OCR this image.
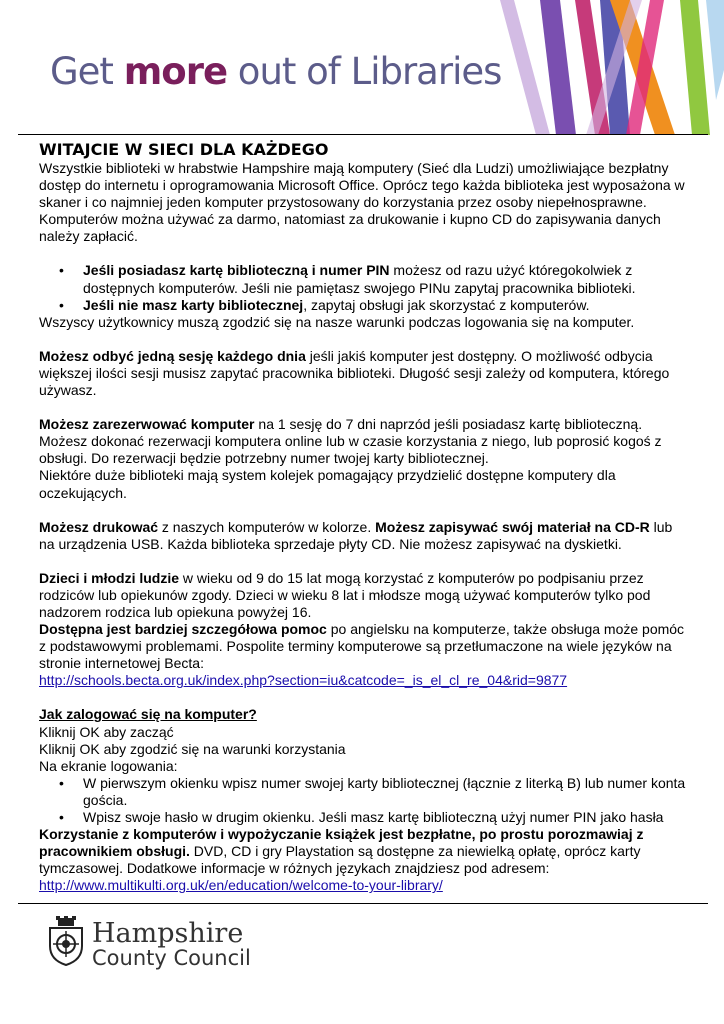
Get more out of Libraries

WITAJCIE W SIECI DLA KAŻDEGO

Wszystkie biblioteki w hrabstwie Hampshire mają komputery (Sieć dla Ludzi) umożliwiające bezpłatny dostęp do internetu i oprogramowania Microsoft Office. Oprócz tego każda biblioteka jest wyposażona w skaner i co najmniej jeden komputer przystosowany do korzystania przez osoby niepełnosprawne. Komputerów można używać za darmo, natomiast za drukowanie i kupno CD do zapisywania danych należy zapłacić.

• Jeśli posiadasz kartę biblioteczną i numer PIN możesz od razu użyć któregokolwiek z dostępnych komputerów. Jeśli nie pamiętasz swojego PINu zapytaj pracownika biblioteki.
• Jeśli nie masz karty bibliotecznej, zapytaj obsługi jak skorzystać z komputerów.

Wszyscy użytkownicy muszą zgodzić się na nasze warunki podczas logowania się na komputer.

Możesz odbyć jedną sesję każdego dnia jeśli jakiś komputer jest dostępny. O możliwość odbycia większej ilości sesji musisz zapytać pracownika biblioteki. Długość sesji zależy od komputera, którego używasz.

Możesz zarezerwować komputer na 1 sesję do 7 dni naprzód jeśli posiadasz kartę biblioteczną. Możesz dokonać rezerwacji komputera online lub w czasie korzystania z niego, lub poprosić kogoś z obsługi. Do rezerwacji będzie potrzebny numer twojej karty bibliotecznej.

Niektóre duże biblioteki mają system kolejek pomagający przydzielić dostępne komputery dla oczekujących.

Możesz drukować z naszych komputerów w kolorze. Możesz zapisywać swój materiał na CD-R lub na urządzenia USB. Każda biblioteka sprzedaje płyty CD. Nie możesz zapisywać na dyskietki.

Dzieci i młodzi ludzie w wieku od 9 do 15 lat mogą korzystać z komputerów po podpisaniu przez rodziców lub opiekunów zgody. Dzieci w wieku 8 lat i młodsze mogą używać komputerów tylko pod nadzorem rodzica lub opiekuna powyżej 16.

Dostępna jest bardziej szczegółowa pomoc po angielsku na komputerze, także obsługa może pomóc z podstawowymi problemami. Pospolite terminy komputerowe są przetłumaczone na wiele języków na stronie internetowej Becta:

http://schools.becta.org.uk/index.php?section=iu&catcode=_is_el_cl_re_04&rid=9877

Jak zalogować się na komputer?

Kliknij OK aby zacząć

Kliknij OK aby zgodzić się na warunki korzystania

Na ekranie logowania:

• W pierwszym okienku wpisz numer swojej karty bibliotecznej (łącznie z literką B) lub numer konta gościa.
• Wpisz swoje hasło w drugim okienku. Jeśli masz kartę biblioteczną użyj numer PIN jako hasła

Korzystanie z komputerów i wypożyczanie książek jest bezpłatne, po prostu porozmawiaj z pracownikiem obsługi. DVD, CD i gry Playstation są dostępne za niewielką opłatę, oprócz karty tymczasowej. Dodatkowe informacje w różnych językach znajdziesz pod adresem:

http://www.multikulti.org.uk/en/education/welcome-to-your-library/

Hampshire
County Council
